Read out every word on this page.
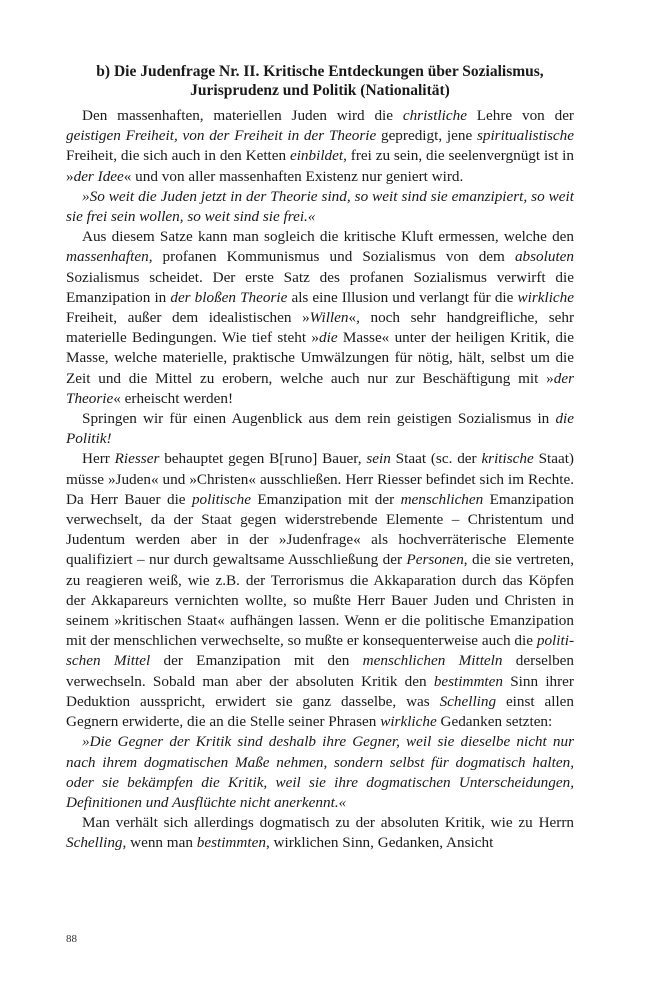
b) Die Judenfrage Nr. II. Kritische Entdeckungen über Sozialismus,
Jurisprudenz und Politik (Nationalität)

Den massenhaften, materiellen Juden wird die christliche Lehre von der geistigen Freiheit, von der Freiheit in der Theorie gepredigt, jene spiritualistische Freiheit, die sich auch in den Ketten einbildet, frei zu sein, die seelenvergnügt ist in »der Idee« und von aller massenhaften Existenz nur geniert wird.

»So weit die Juden jetzt in der Theorie sind, so weit sind sie emanzipiert, so weit sie frei sein wollen, so weit sind sie frei.«

Aus diesem Satze kann man sogleich die kritische Kluft ermessen, welche den massenhaften, profanen Kommunismus und Sozialismus von dem absoluten Sozialismus scheidet. Der erste Satz des profanen Sozialismus verwirft die Emanzipation in der bloßen Theorie als eine Illusion und verlangt für die wirkliche Freiheit, außer dem idealistischen »Willen«, noch sehr handgreifliche, sehr materielle Bedingungen. Wie tief steht »die Masse« unter der heiligen Kritik, die Masse, welche materielle, praktische Umwälzungen für nötig, hält, selbst um die Zeit und die Mittel zu erobern, welche auch nur zur Beschäftigung mit »der Theorie« erheischt werden!

Springen wir für einen Augenblick aus dem rein geistigen Sozialismus in die Politik!

Herr Riesser behauptet gegen B[runo] Bauer, sein Staat (sc. der kritische Staat) müsse »Juden« und »Christen« ausschließen. Herr Riesser befindet sich im Rechte. Da Herr Bauer die politische Emanzipation mit der menschlichen Emanzipation verwechselt, da der Staat gegen widerstrebende Elemente – Christentum und Judentum werden aber in der »Judenfrage« als hochverräterische Elemente qualifiziert – nur durch gewaltsame Ausschließung der Personen, die sie vertreten, zu reagieren weiß, wie z.B. der Terrorismus die Akkaparation durch das Köpfen der Akkapareurs vernichten wollte, so mußte Herr Bauer Juden und Christen in seinem »kritischen Staat« aufhängen lassen. Wenn er die politische Emanzipation mit der menschlichen verwechselte, so mußte er konsequenterweise auch die politischen Mittel der Emanzipation mit den menschlichen Mitteln derselben verwechseln. Sobald man aber der absoluten Kritik den bestimmten Sinn ihrer Deduktion ausspricht, erwidert sie ganz dasselbe, was Schelling einst allen Gegnern erwiderte, die an die Stelle seiner Phrasen wirkliche Gedanken setzten:

»Die Gegner der Kritik sind deshalb ihre Gegner, weil sie dieselbe nicht nur nach ihrem dogmatischen Maße nehmen, sondern selbst für dogmatisch halten, oder sie bekämpfen die Kritik, weil sie ihre dogmatischen Unterscheidungen, Definitionen und Ausflüchte nicht anerkennt.«

Man verhält sich allerdings dogmatisch zu der absoluten Kritik, wie zu Herrn Schelling, wenn man bestimmten, wirklichen Sinn, Gedanken, Ansicht

88
